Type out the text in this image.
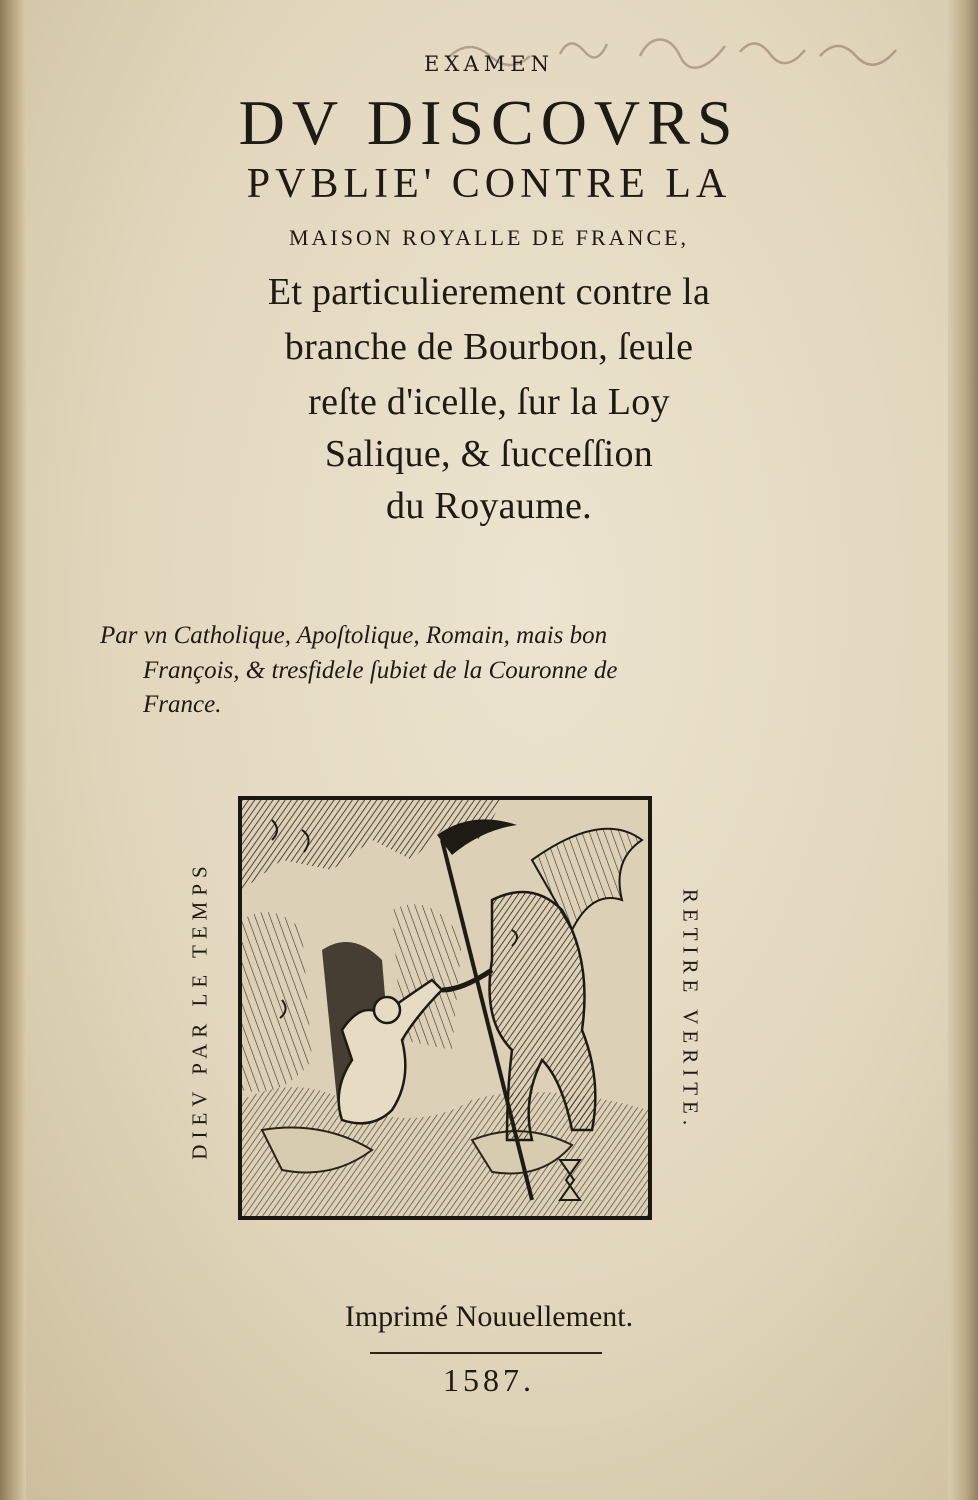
EXAMEN
DV DISCOVRS
PVBLIE' CONTRE LA
MAISON ROYALLE DE FRANCE,
Et particulierement contre la
branche de Bourbon, ſeule
reſte d'icelle, ſur la Loy
Salique, & ſucceſſion
du Royaume.
Par vn Catholique, Apoſtolique, Romain, mais bon
François, & tresfidele ſubiet de la Couronne de
France.
DIEV PAR LE TEMPS	RETIRE VERITE.
Imprimé Nouuellement.
1587.
